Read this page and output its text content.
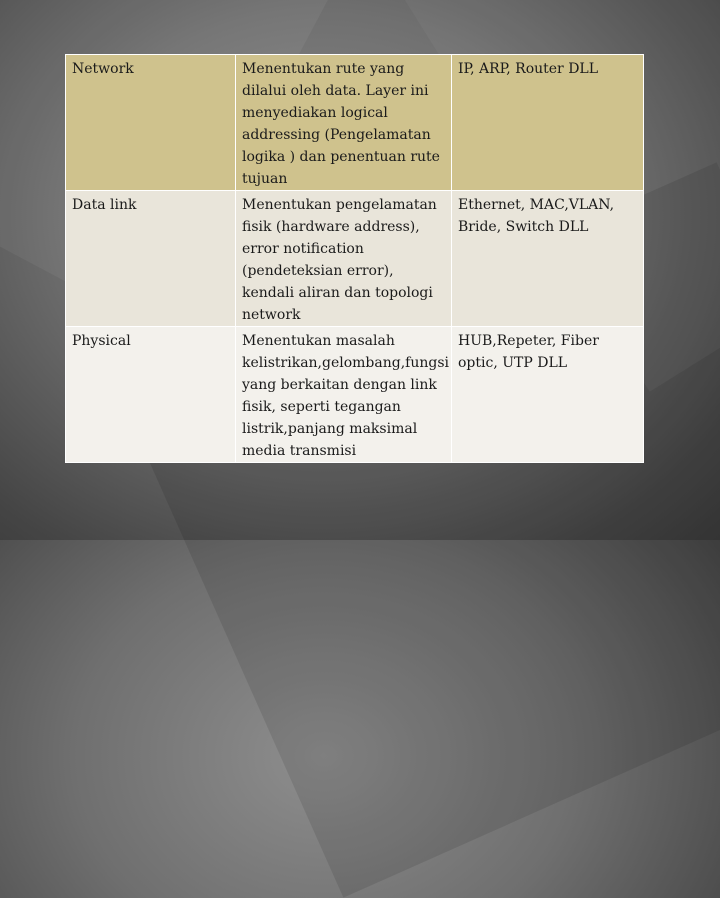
Network	Menentukan rute yang dilalui oleh data. Layer ini menyediakan logical addressing (Pengelamatan logika ) dan penentuan rute tujuan	IP, ARP, Router DLL
Data link	Menentukan pengelamatan fisik (hardware address), error notification (pendeteksian error), kendali aliran dan topologi network	Ethernet, MAC,VLAN, Bride, Switch DLL
Physical	Menentukan masalah kelistrikan,gelombang,fungsi yang berkaitan dengan link fisik, seperti tegangan listrik,panjang maksimal media transmisi	HUB,Repeter, Fiber optic, UTP DLL
